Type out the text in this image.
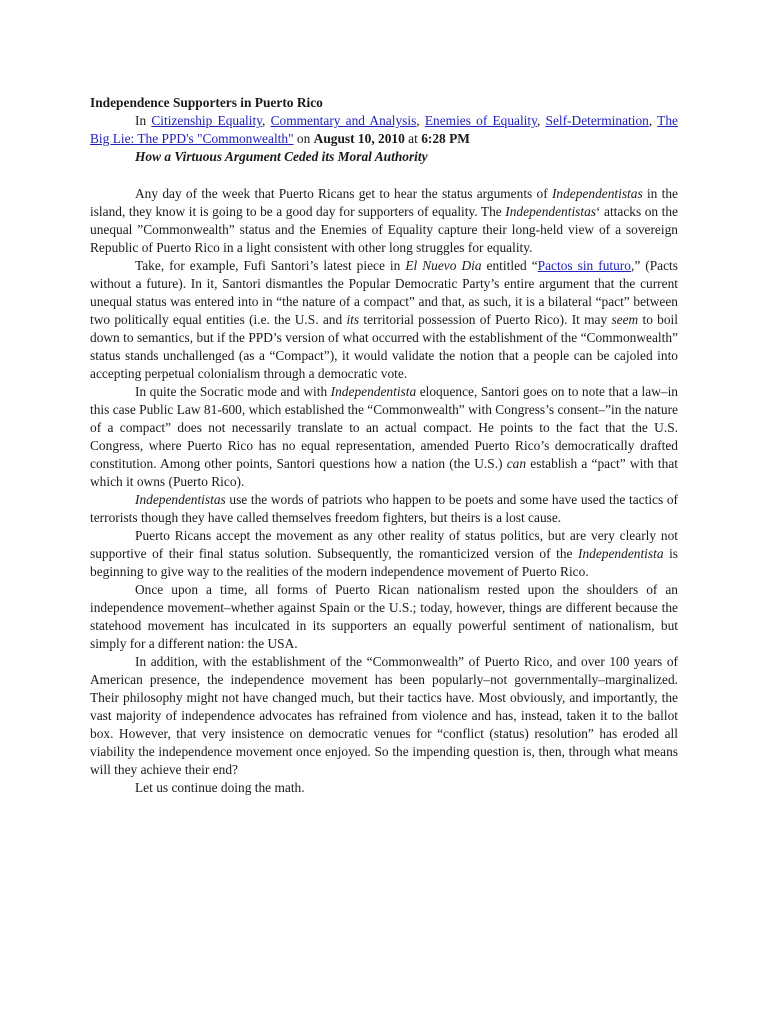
Independence Supporters in Puerto Rico

In Citizenship Equality, Commentary and Analysis, Enemies of Equality, Self-Determination, The Big Lie: The PPD's "Commonwealth" on August 10, 2010 at 6:28 PM

How a Virtuous Argument Ceded its Moral Authority

Any day of the week that Puerto Ricans get to hear the status arguments of Independentistas in the island, they know it is going to be a good day for supporters of equality. The Independentistas‘ attacks on the unequal ”Commonwealth” status and the Enemies of Equality capture their long-held view of a sovereign Republic of Puerto Rico in a light consistent with other long struggles for equality.

Take, for example, Fufi Santori’s latest piece in El Nuevo Dia entitled “Pactos sin futuro,” (Pacts without a future). In it, Santori dismantles the Popular Democratic Party’s entire argument that the current unequal status was entered into in “the nature of a compact” and that, as such, it is a bilateral “pact” between two politically equal entities (i.e. the U.S. and its territorial possession of Puerto Rico). It may seem to boil down to semantics, but if the PPD’s version of what occurred with the establishment of the “Commonwealth” status stands unchallenged (as a “Compact”), it would validate the notion that a people can be cajoled into accepting perpetual colonialism through a democratic vote.

In quite the Socratic mode and with Independentista eloquence, Santori goes on to note that a law–in this case Public Law 81-600, which established the “Commonwealth” with Congress’s consent–”in the nature of a compact” does not necessarily translate to an actual compact. He points to the fact that the U.S. Congress, where Puerto Rico has no equal representation, amended Puerto Rico’s democratically drafted constitution. Among other points, Santori questions how a nation (the U.S.) can establish a “pact” with that which it owns (Puerto Rico).

Independentistas use the words of patriots who happen to be poets and some have used the tactics of terrorists though they have called themselves freedom fighters, but theirs is a lost cause.

Puerto Ricans accept the movement as any other reality of status politics, but are very clearly not supportive of their final status solution. Subsequently, the romanticized version of the Independentista is beginning to give way to the realities of the modern independence movement of Puerto Rico.

Once upon a time, all forms of Puerto Rican nationalism rested upon the shoulders of an independence movement–whether against Spain or the U.S.; today, however, things are different because the statehood movement has inculcated in its supporters an equally powerful sentiment of nationalism, but simply for a different nation: the USA.

In addition, with the establishment of the “Commonwealth” of Puerto Rico, and over 100 years of American presence, the independence movement has been popularly–not governmentally–marginalized. Their philosophy might not have changed much, but their tactics have. Most obviously, and importantly, the vast majority of independence advocates has refrained from violence and has, instead, taken it to the ballot box. However, that very insistence on democratic venues for “conflict (status) resolution” has eroded all viability the independence movement once enjoyed. So the impending question is, then, through what means will they achieve their end?

Let us continue doing the math.
